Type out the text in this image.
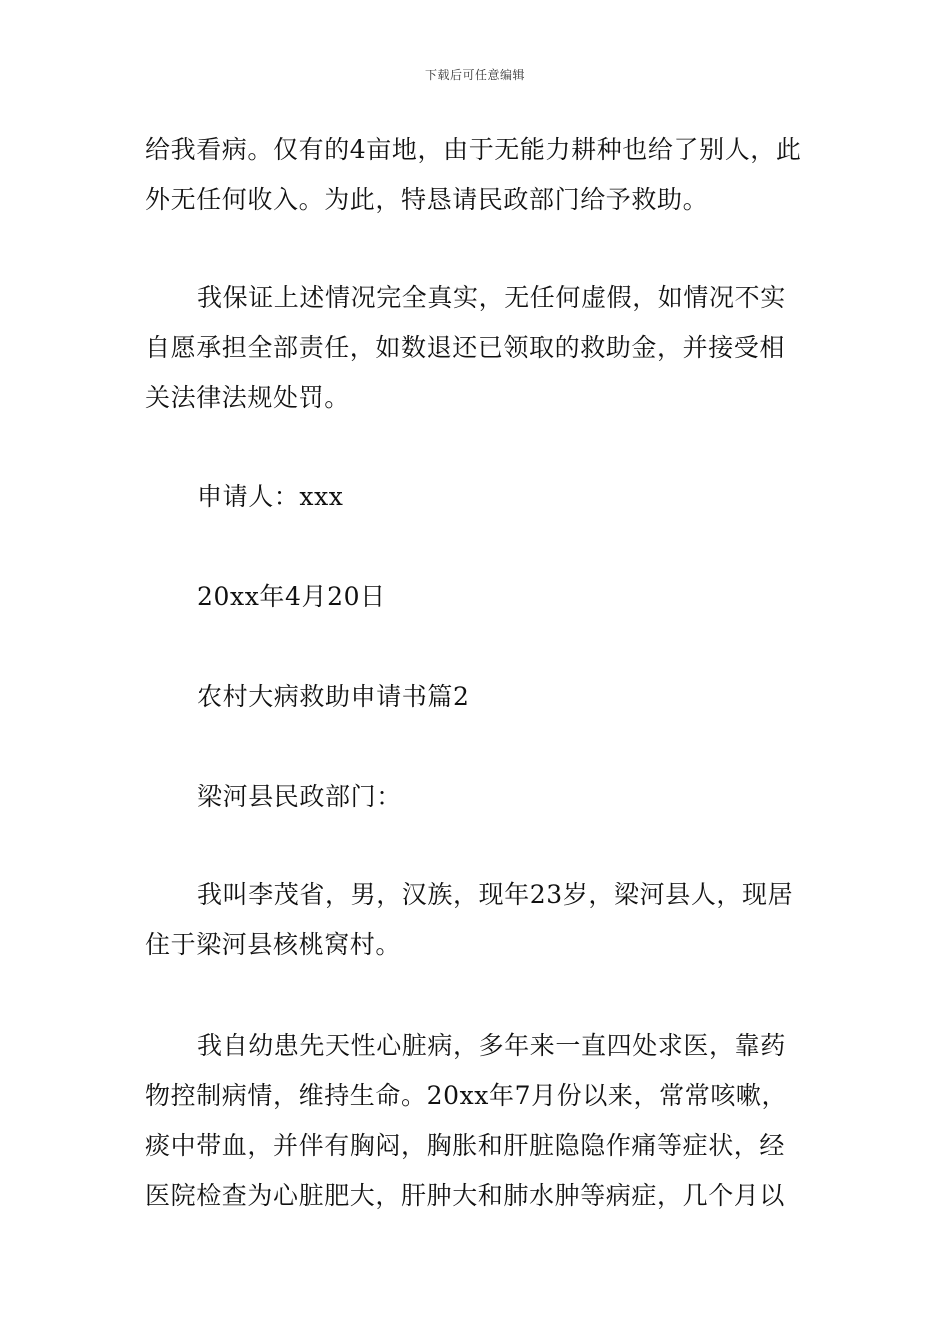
下载后可任意编辑
给我看病。仅有的4亩地，由于无能力耕种也给了别人，此
外无任何收入。为此，特恳请民政部门给予救助。
我保证上述情况完全真实，无任何虚假，如情况不实
自愿承担全部责任，如数退还已领取的救助金，并接受相
关法律法规处罚。
申请人：xxx
20xx年4月20日
农村大病救助申请书篇2
梁河县民政部门：
我叫李茂省，男，汉族，现年23岁，梁河县人，现居
住于梁河县核桃窝村。
我自幼患先天性心脏病，多年来一直四处求医，靠药
物控制病情，维持生命。20xx年7月份以来，常常咳嗽，
痰中带血，并伴有胸闷，胸胀和肝脏隐隐作痛等症状，经
医院检查为心脏肥大，肝肿大和肺水肿等病症，几个月以
